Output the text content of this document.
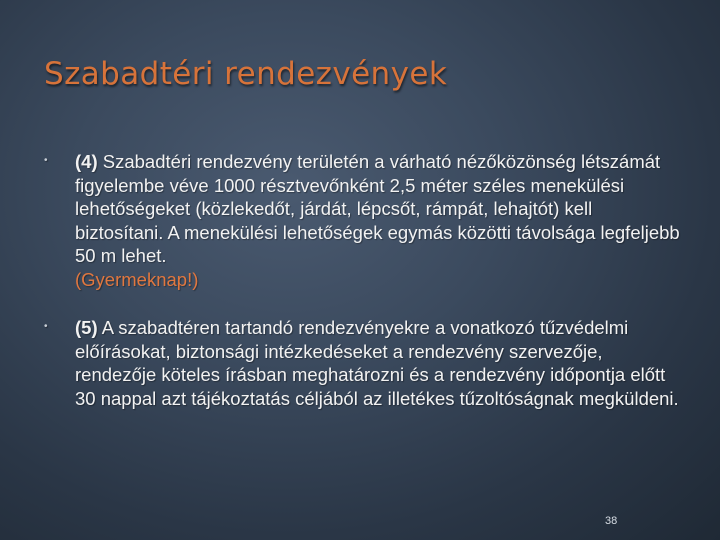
Szabadtéri rendezvények
• (4) Szabadtéri rendezvény területén a várható nézőközönség létszámát figyelembe véve 1000 résztvevőnként 2,5 méter széles menekülési lehetőségeket (közlekedőt, járdát, lépcsőt, rámpát, lehajtót) kell biztosítani. A menekülési lehetőségek egymás közötti távolsága legfeljebb 50 m lehet.
(Gyermeknap!)
• (5) A szabadtéren tartandó rendezvényekre a vonatkozó tűzvédelmi előírásokat, biztonsági intézkedéseket a rendezvény szervezője, rendezője köteles írásban meghatározni és a rendezvény időpontja előtt 30 nappal azt tájékoztatás céljából az illetékes tűzoltóságnak megküldeni.
38
